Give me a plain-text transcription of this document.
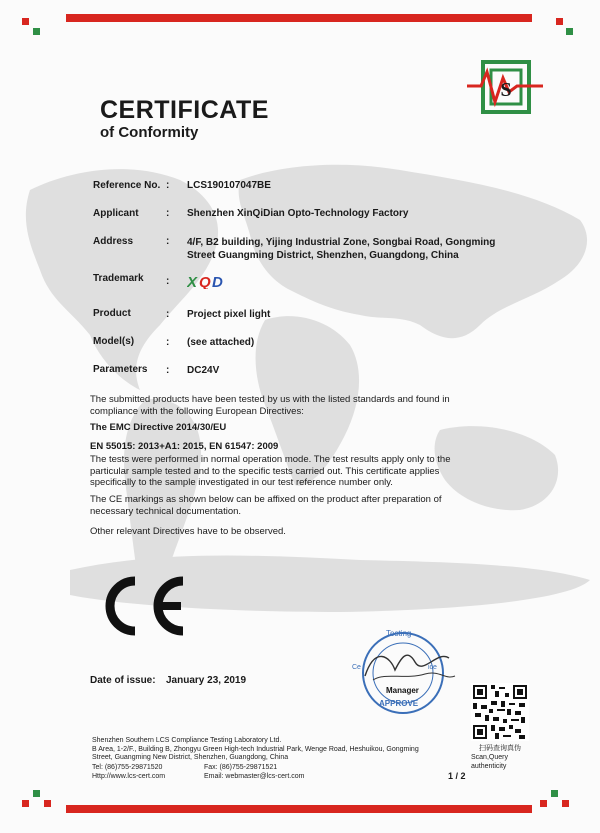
S
CERTIFICATE
of Conformity
Reference No. : LCS190107047BE
Applicant	: Shenzhen XinQiDian Opto-Technology Factory
Address	: 4/F, B2 building, Yijing Industrial Zone, Songbai Road, Gongming
Street Guangming District, Shenzhen, Guangdong, China
Trademark : X Q D
Product	: Project pixel light
Model(s)	: (see attached)
Parameters : DC24V
The submitted products have been tested by us with the listed standards and found in
compliance with the following European Directives:
The EMC Directive 2014/30/EU
EN 55015: 2013+A1: 2015, EN 61547: 2009
The tests were performed in normal operation mode. The test results apply only to the
particular sample tested and to the specific tests carried out. This certificate applies
specifically to the sample investigated in our test reference number only.
The CE markings as shown below can be affixed on the product after preparation of
necessary technical documentation.
Other relevant Directives have to be observed.
Date of issue: January 23, 2019
Testing
Ce	ice
APPROVE
Manager
扫码查询真伪
Scan,Query authenticity
Shenzhen Southern LCS Compliance Testing Laboratory Ltd.
B Area, 1-2/F., Building B, Zhongyu Green High-tech Industrial Park, Wenge Road, Heshuikou, Gongming
Street, Guangming New District, Shenzhen, Guangdong, China
Tel: (86)755-29871520	Fax: (86)755-29871521
Http://www.lcs-cert.com	Email: webmaster@lcs-cert.com	1 / 2
